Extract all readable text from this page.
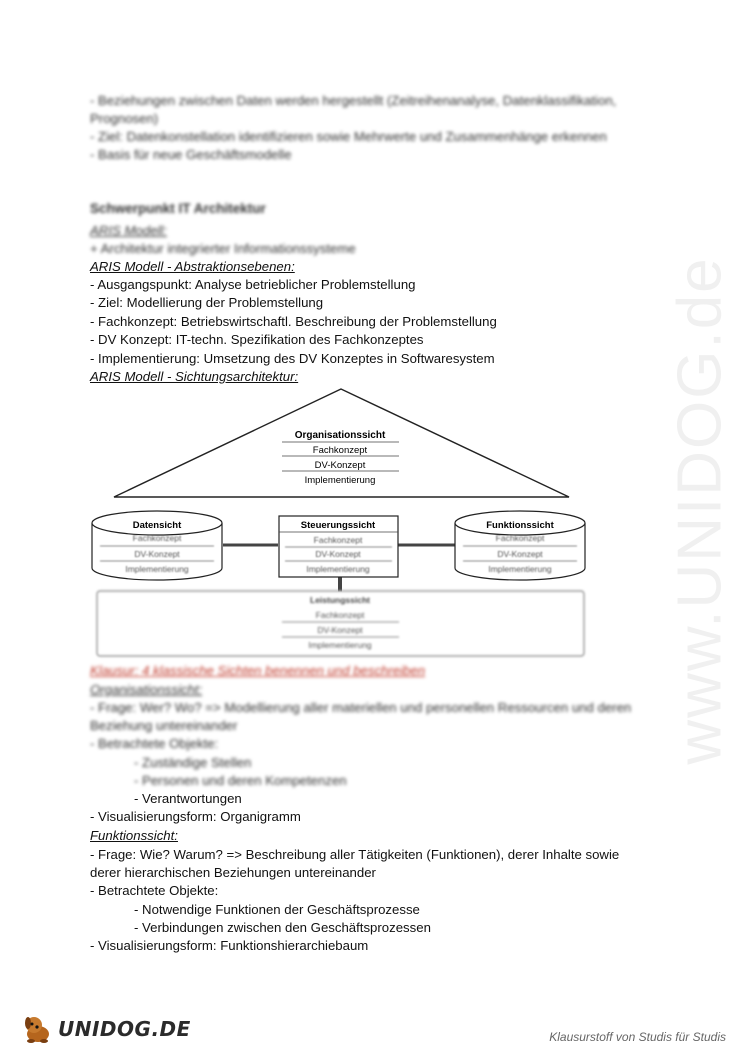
www.UNIDOG.de
- Beziehungen zwischen Daten werden hergestellt (Zeitreihenanalyse, Datenklassifikation,
Prognosen)
- Ziel: Datenkonstellation identifizieren sowie Mehrwerte und Zusammenhänge erkennen
- Basis für neue Geschäftsmodelle
Schwerpunkt IT Architektur
ARIS Modell:
+ Architektur integrierter Informationssysteme
ARIS Modell - Abstraktionsebenen:
- Ausgangspunkt: Analyse betrieblicher Problemstellung
- Ziel: Modellierung der Problemstellung
- Fachkonzept: Betriebswirtschaftl. Beschreibung der Problemstellung
- DV Konzept: IT-techn. Spezifikation des Fachkonzeptes
- Implementierung: Umsetzung des DV Konzeptes in Softwaresystem
ARIS Modell - Sichtungsarchitektur:
Organisationssicht
Fachkonzept
DV-Konzept
Implementierung
Datensicht
Fachkonzept
DV-Konzept
Implementierung
Steuerungssicht
Fachkonzept
DV-Konzept
Implementierung
Funktionssicht
Fachkonzept
DV-Konzept
Implementierung
Leistungssicht
Fachkonzept
DV-Konzept
Implementierung
Klausur: 4 klassische Sichten benennen und beschreiben
Organisationssicht:
- Frage: Wer? Wo? => Modellierung aller materiellen und personellen Ressourcen und deren
Beziehung untereinander
- Betrachtete Objekte:
- Zuständige Stellen
- Personen und deren Kompetenzen
- Verantwortungen
- Visualisierungsform: Organigramm
Funktionssicht:
- Frage: Wie? Warum? => Beschreibung aller Tätigkeiten (Funktionen), derer Inhalte sowie
derer hierarchischen Beziehungen untereinander
- Betrachtete Objekte:
- Notwendige Funktionen der Geschäftsprozesse
- Verbindungen zwischen den Geschäftsprozessen
- Visualisierungsform: Funktionshierarchiebaum
UNIDOG.DE	Klausurstoff von Studis für Studis
